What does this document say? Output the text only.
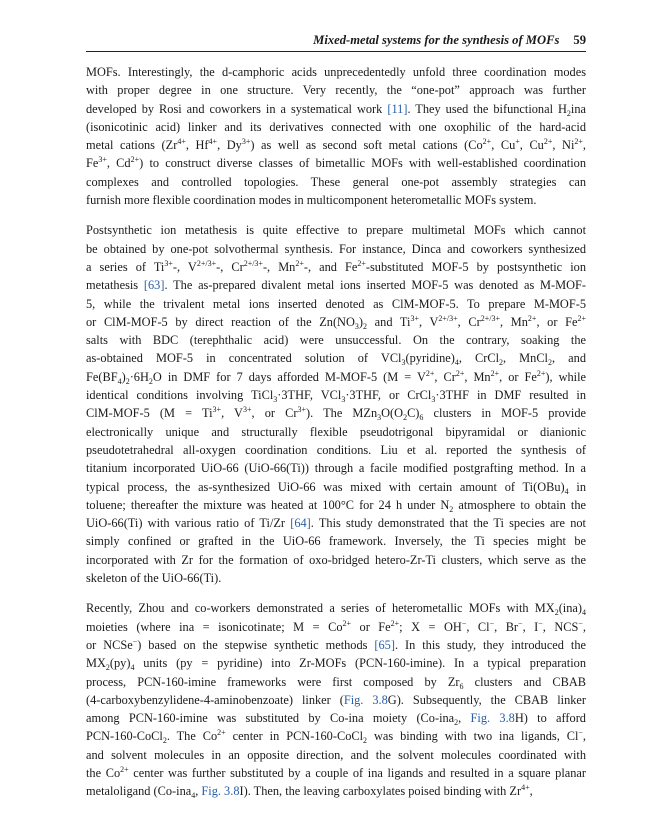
Mixed-metal systems for the synthesis of MOFs 59
MOFs. Interestingly, the d-camphoric acids unprecedentedly unfold three coordination modes
with proper degree in one structure. Very recently, the “one-pot” approach was further
developed by Rosi and coworkers in a systematical work [11]. They used the bifunctional $H_2ina$
(isonicotinic acid) linker and its derivatives connected with one oxophilic of the hard-acid
metal cations ($Zr^{4+}$, $Hf^{4+}$, $Dy^{3+}$) as well as second soft metal cations ($Co^{2+}$, Cu+, $Cu^{2+}$, $Ni^{2+}$,
$Fe^{3+}$, $Cd^{2+}$) to construct diverse classes of bimetallic MOFs with well-established coordination
complexes and controlled topologies. These general one-pot assembly strategies can
furnish more flexible coordination modes in multicomponent heterometallic MOFs system.
Postsynthetic ion metathesis is quite effective to prepare multimetal MOFs which cannot
be obtained by one-pot solvothermal synthesis. For instance, Dinca and coworkers synthesized
a series of $Ti^{3+}-$, $V^{2+/3+}-$, $Cr^{2+/3+}-$, $Mn^{2+}-$, and $Fe^{2+}$-substituted MOF-5 by postsynthetic ion
metathesis [63]. The as-prepared divalent metal ions inserted MOF-5 was denoted as M-MOF-
5, while the trivalent metal ions inserted denoted as ClM-MOF-5. To prepare M-MOF-5
or ClM-MOF-5 by direct reaction of the $Zn(NO_3)_2$ and $Ti^{3+}$, $V^{2+/3+}$, $Cr^{2+/3+}$, $Mn^{2+}$, or $Fe^{2+}$
salts with BDC (terephthalic acid) were unsuccessful. On the contrary, soaking the
as-obtained MOF-5 in concentrated solution of $VCl_3(pyridine)_4$, CrCl$_2$, MnCl$_2$, and
$Fe(BF_4)_2\cdot 6H_2O$ in DMF for 7 days afforded M-MOF-5 ($M = V^{2+}$, $Cr^{2+}$, $Mn^{2+}$, or $Fe^{2+}$), while
identical conditions involving TiCl$_3$·3THF, VCl$_3$·3THF, or CrCl$_3$·3THF in DMF resulted in
ClM-MOF-5 ($M = Ti^{3+}$, $V^{3+}$, or $Cr^{3+}$). The $MZn_3O(O_2C)_6$ clusters in MOF-5 provide
electronically unique and structurally flexible pseudotrigonal bipyramidal or dianionic
pseudotetrahedral all-oxygen coordination conditions. Liu et al. reported the synthesis of
titanium incorporated UiO-66 (UiO-66(Ti)) through a facile modified postgrafting method. In a
typical process, the as-synthesized UiO-66 was mixed with certain amount of $Ti(OBu)_4$ in
toluene; thereafter the mixture was heated at 100°C for 24 h under $N_2$ atmosphere to obtain the
UiO-66(Ti) with various ratio of Ti/Zr [64]. This study demonstrated that the Ti species are not
simply confined or grafted in the UiO-66 framework. Inversely, the Ti species might be
incorporated with Zr for the formation of oxo-bridged hetero-Zr-Ti clusters, which serve as the
skeleton of the UiO-66(Ti).
Recently, Zhou and co-workers demonstrated a series of heterometallic MOFs with $MX_2(ina)_4$
moieties (where ina = isonicotinate; $M = Co^{2+}$ or $Fe^{2+}$; X = OH−, Cl−, Br−, I−, NCS−,
or NCSe−) based on the stepwise synthetic methods [65]. In this study, they introduced the
$MX_2(py)_4$ units (py = pyridine) into Zr-MOFs (PCN-160-imine). In a typical preparation
process, PCN-160-imine frameworks were first composed by $Zr_6$ clusters and CBAB
(4-carboxybenzylidene-4-aminobenzoate) linker (Fig. 3.8G). Subsequently, the CBAB linker
among PCN-160-imine was substituted by Co-ina moiety (Co-ina$_2$, Fig. 3.8H) to afford
PCN-160-CoCl$_2$. The $Co^{2+}$ center in PCN-160-CoCl$_2$ was binding with two ina ligands, Cl−,
and solvent molecules in an opposite direction, and the solvent molecules coordinated with
the $Co^{2+}$ center was further substituted by a couple of ina ligands and resulted in a square planar
metaloligand (Co-ina$_4$, Fig. 3.8I). Then, the leaving carboxylates poised binding with $Zr^{4+}$,
